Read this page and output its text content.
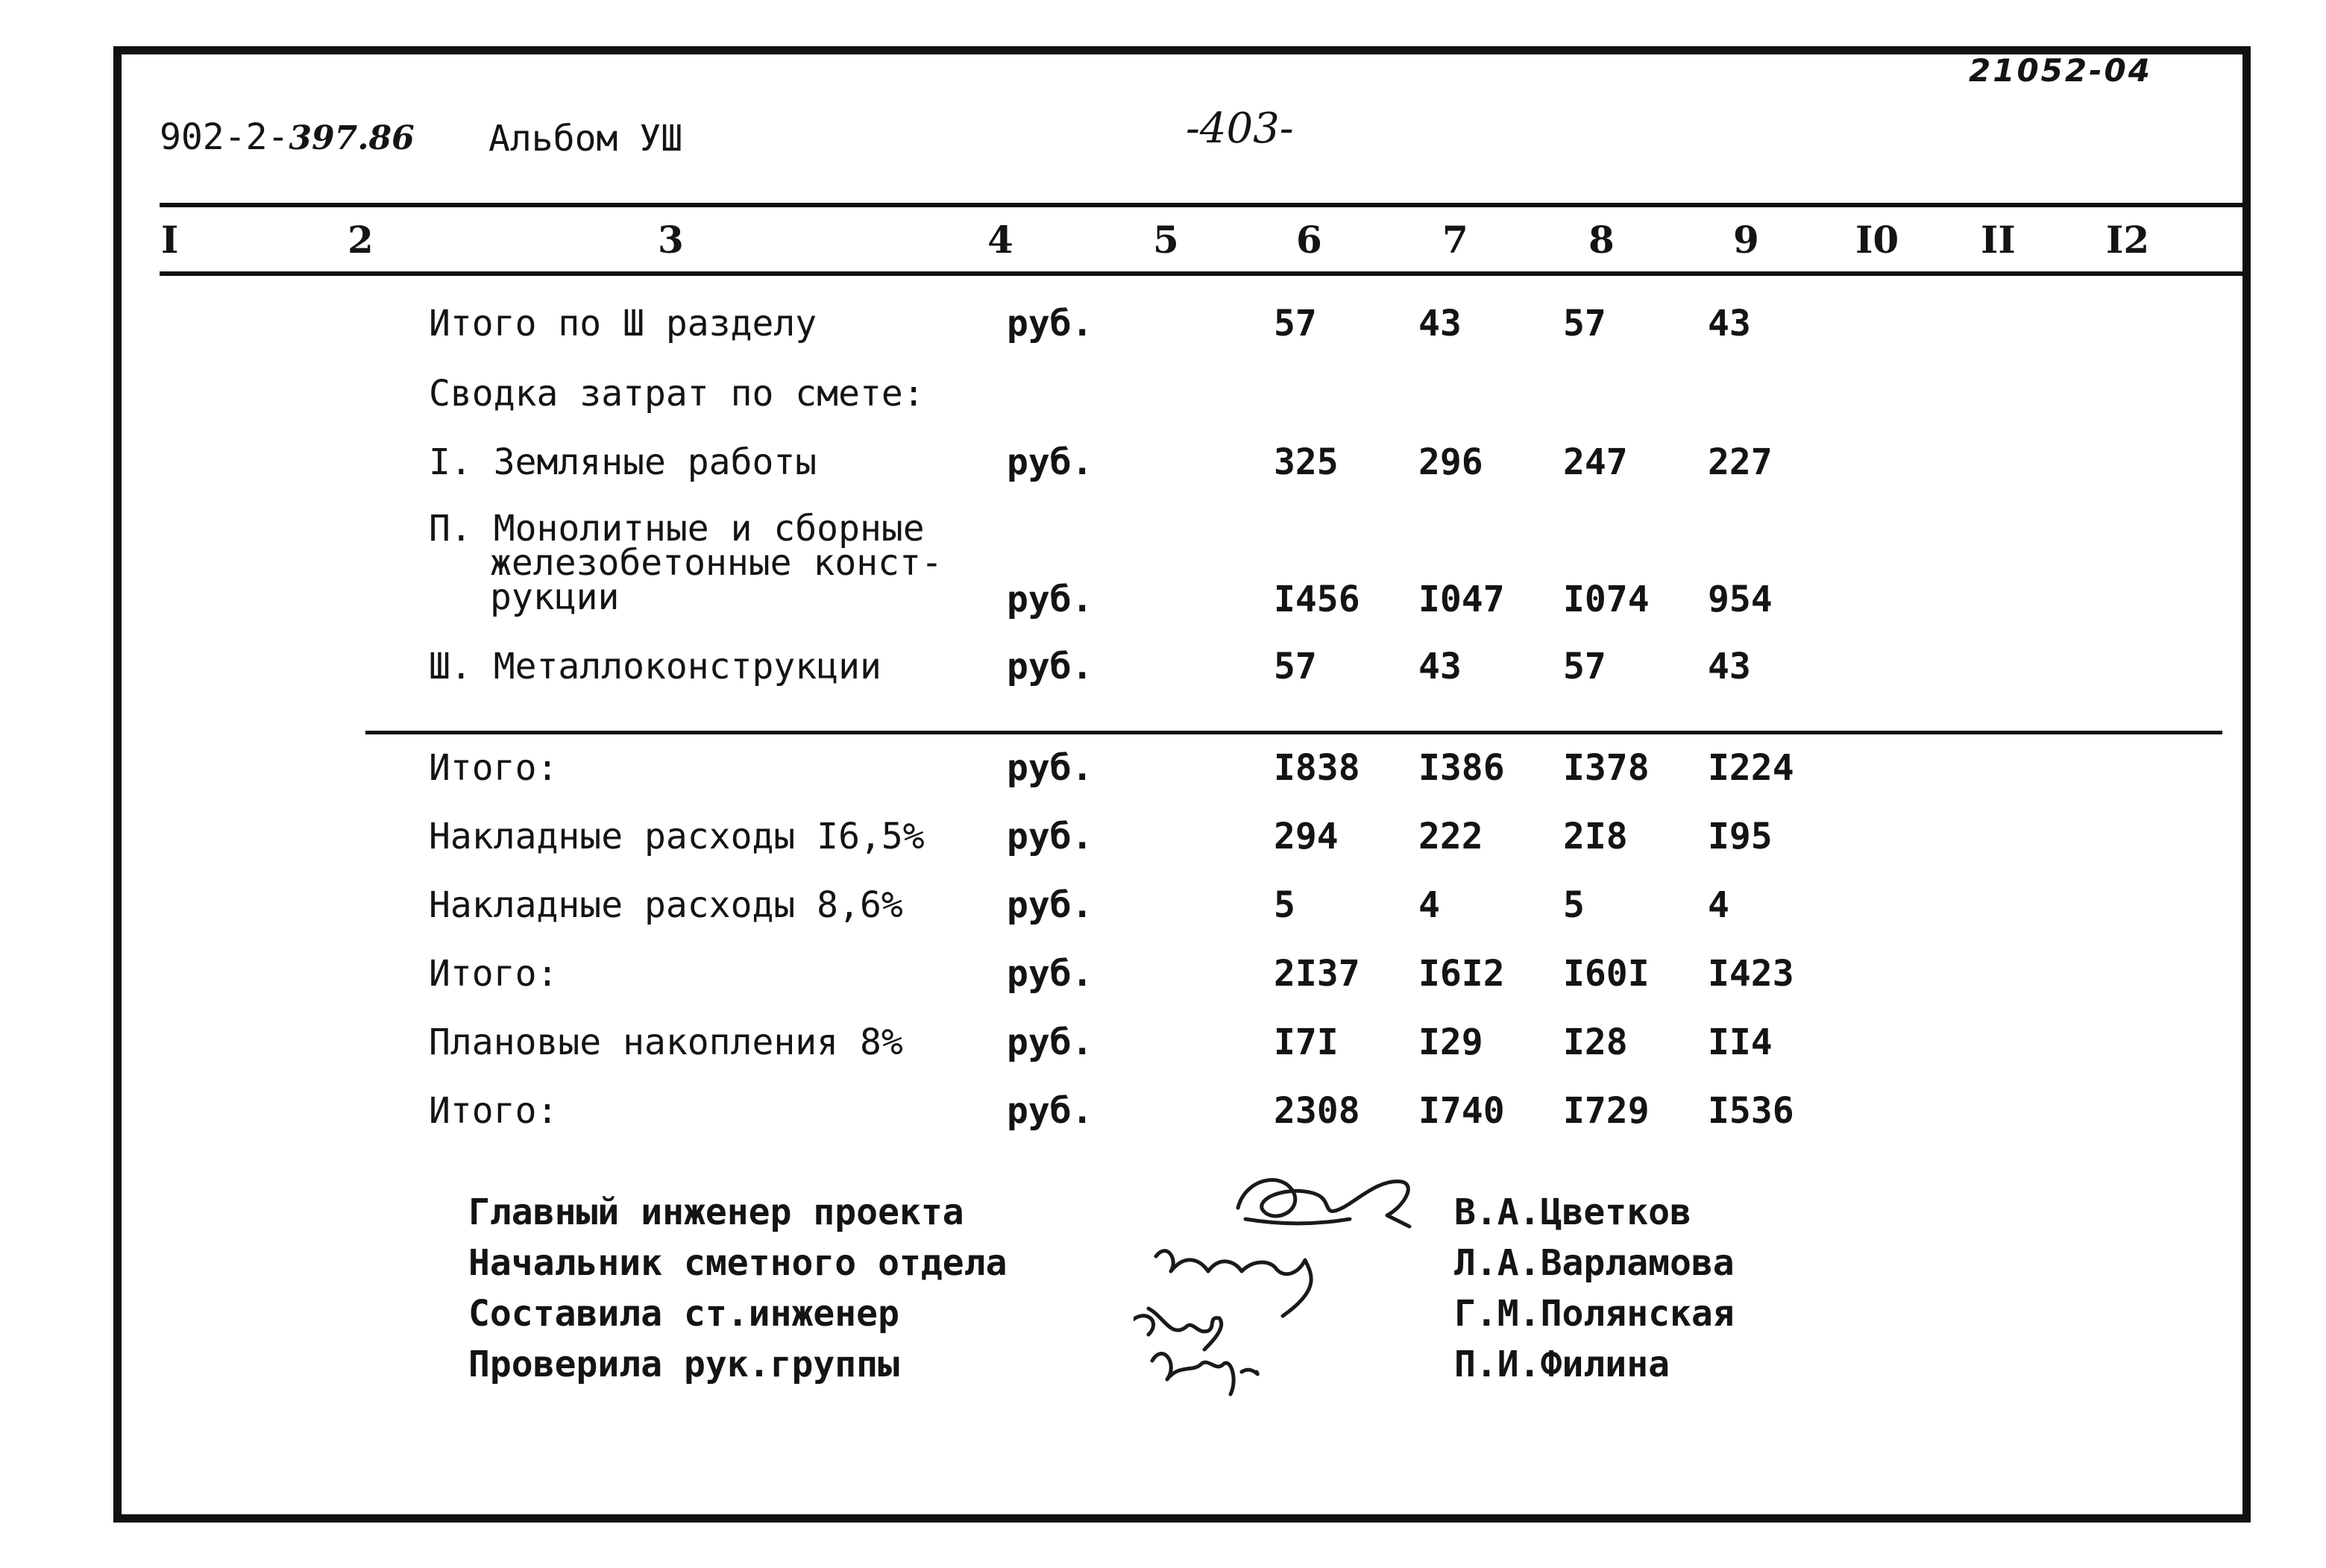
902-2-397.86 Альбом УШ	-403-
21052-04
I	2	3	4	5	6	7	8	9	I0 II I2
Итого по Ш разделу	руб.	57	43	57	43
Сводка затрат по смете:
I. Земляные работы	руб.	325 296 247 227
П. Монолитные и сборные
железобетонные конст-
рукции	руб.	I456 I047 I074 954
Ш. Металлоконструкции	руб.	57	43	57	43
Итого:	руб.	I838 I386 I378 I224
Накладные расходы I6,5% руб.	294 222 2I8 I95
Накладные расходы 8,6%	руб.	5	4	5	4
Итого:	руб.	2I37 I6I2 I60I I423
Плановые накопления 8%	руб.	I7I I29 I28 II4
Итого:	руб.	2308 I740 I729 I536
Главный инженер проекта
Начальник сметного отдела
Составила ст.инженер
Проверила рук.группы
В.А.Цветков
Л.А.Варламова
Г.М.Полянская
П.И.Филина
